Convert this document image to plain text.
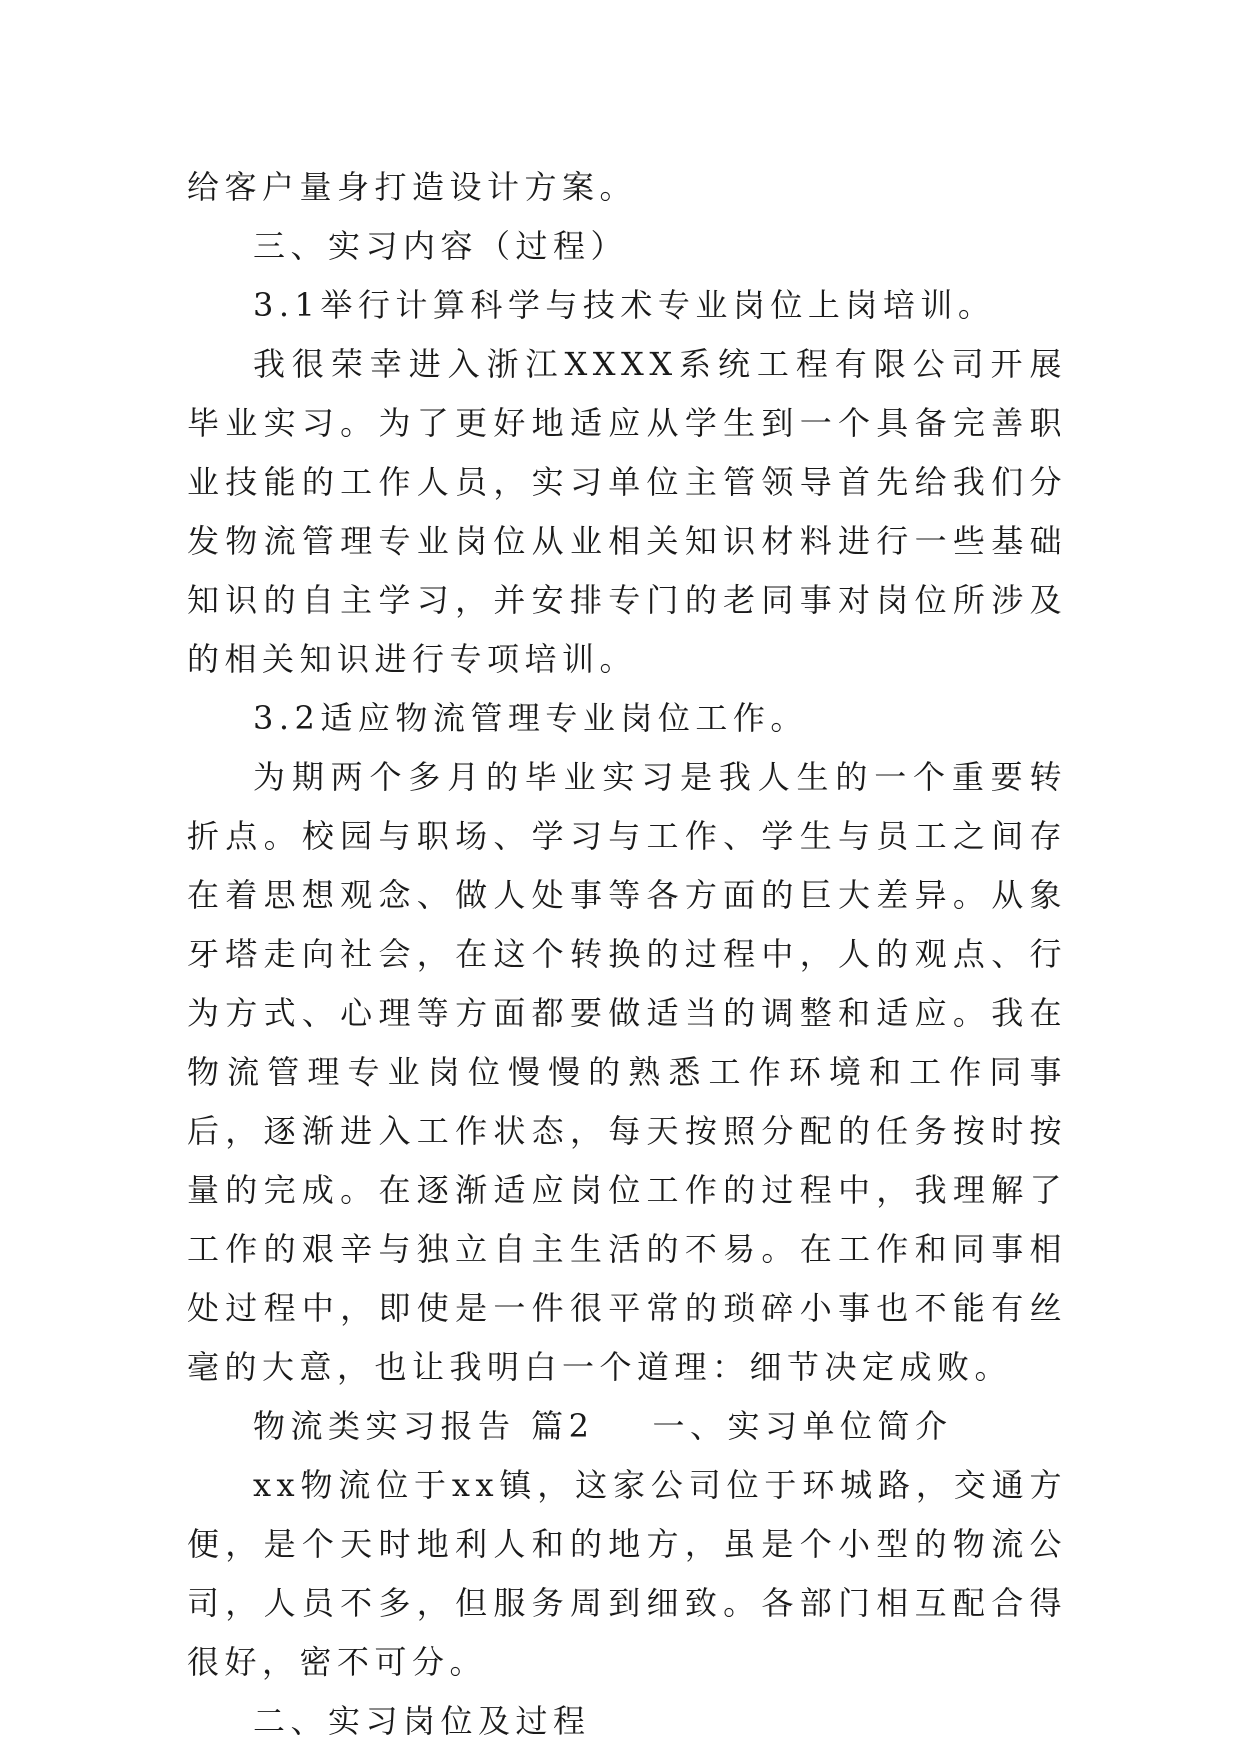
给客户量身打造设计方案。

三、实习内容（过程）

3.1举行计算科学与技术专业岗位上岗培训。

我很荣幸进入浙江XXXX系统工程有限公司开展毕业实习。为了更好地适应从学生到一个具备完善职业技能的工作人员，实习单位主管领导首先给我们分发物流管理专业岗位从业相关知识材料进行一些基础知识的自主学习，并安排专门的老同事对岗位所涉及的相关知识进行专项培训。

3.2适应物流管理专业岗位工作。

为期两个多月的毕业实习是我人生的一个重要转折点。校园与职场、学习与工作、学生与员工之间存在着思想观念、做人处事等各方面的巨大差异。从象牙塔走向社会，在这个转换的过程中，人的观点、行为方式、心理等方面都要做适当的调整和适应。我在物流管理专业岗位慢慢的熟悉工作环境和工作同事后，逐渐进入工作状态，每天按照分配的任务按时按量的完成。在逐渐适应岗位工作的过程中，我理解了工作的艰辛与独立自主生活的不易。在工作和同事相处过程中，即使是一件很平常的琐碎小事也不能有丝毫的大意，也让我明白一个道理：细节决定成败。

物流类实习报告 篇2 一、实习单位简介

xx物流位于xx镇，这家公司位于环城路，交通方便，是个天时地利人和的地方，虽是个小型的物流公司，人员不多，但服务周到细致。各部门相互配合得很好，密不可分。

二、实习岗位及过程
